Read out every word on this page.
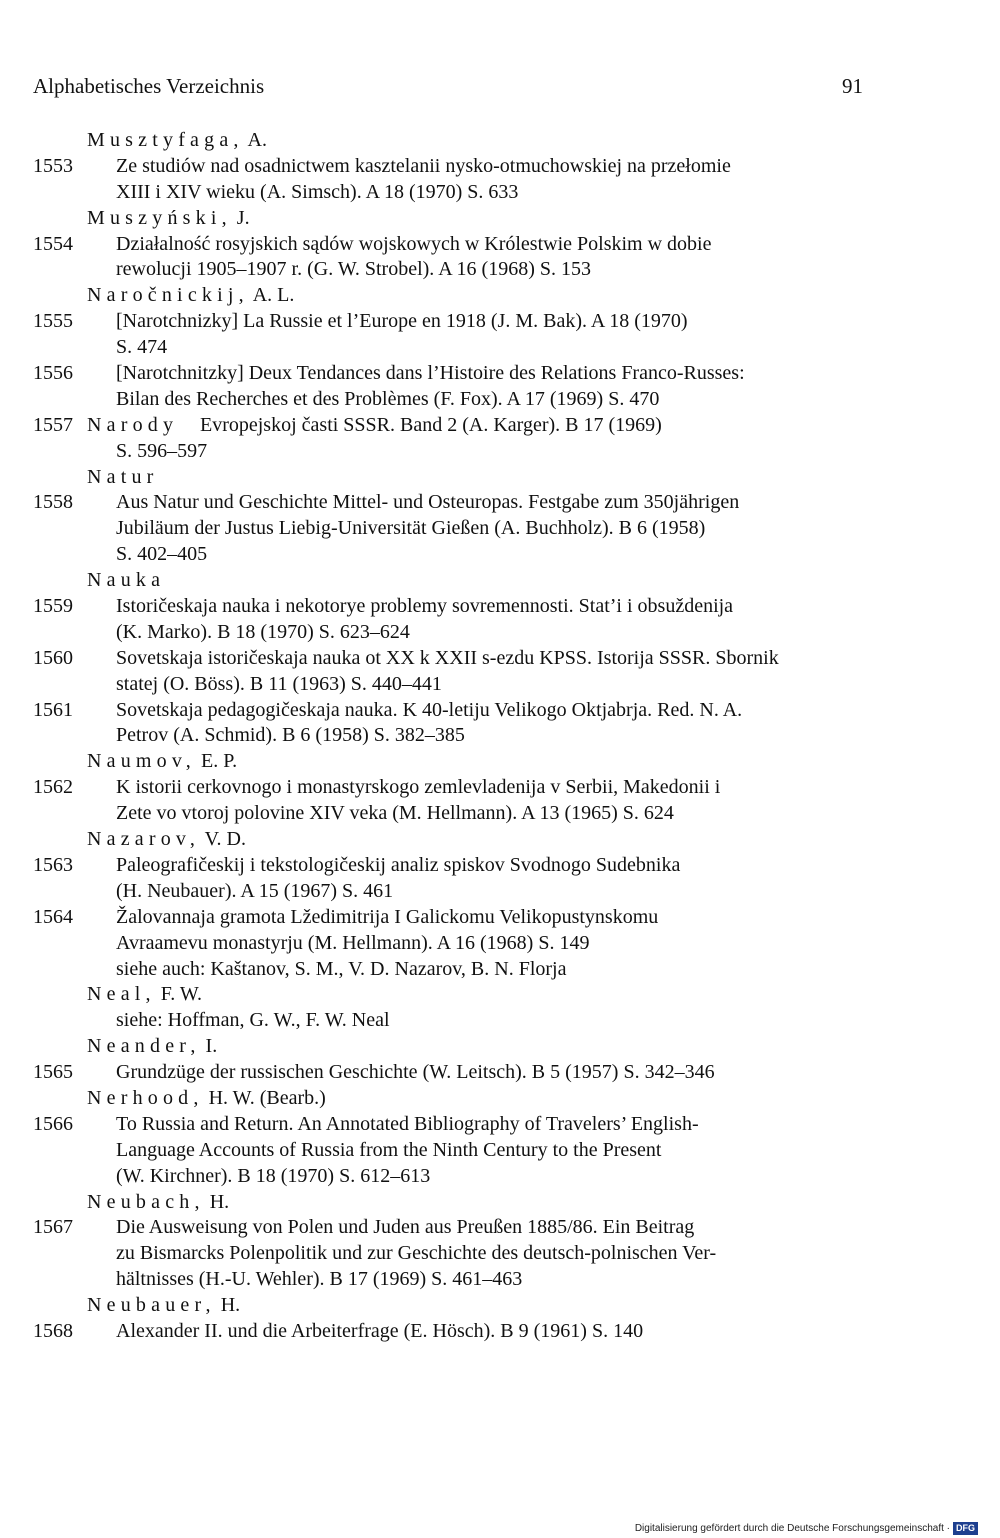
Alphabetisches Verzeichnis	91
Musztyfaga, A.
1553 Ze studiów nad osadnictwem kasztelanii nysko-otmuchowskiej na przełomie
XIII i XIV wieku (A. Simsch). A 18 (1970) S. 633
Muszyński, J.
1554 Działalność rosyjskich sądów wojskowych w Królestwie Polskim w dobie
rewolucji 1905–1907 r. (G. W. Strobel). A 16 (1968) S. 153
Naročnickij, A. L.
1555 [Narotchnizky] La Russie et l’Europe en 1918 (J. M. Bak). A 18 (1970)
S. 474
1556 [Narotchnitzky] Deux Tendances dans l’Histoire des Relations Franco-Russes:
Bilan des Recherches et des Problèmes (F. Fox). A 17 (1969) S. 470
1557 Narody Evropejskoj časti SSSR. Band 2 (A. Karger). B 17 (1969)
S. 596–597
Natur
1558 Aus Natur und Geschichte Mittel- und Osteuropas. Festgabe zum 350jährigen
Jubiläum der Justus Liebig-Universität Gießen (A. Buchholz). B 6 (1958)
S. 402–405
Nauka
1559 Istoričeskaja nauka i nekotorye problemy sovremennosti. Stat’i i obsuždenija
(K. Marko). B 18 (1970) S. 623–624
1560 Sovetskaja istoričeskaja nauka ot XX k XXII s-ezdu KPSS. Istorija SSSR. Sbornik
statej (O. Böss). B 11 (1963) S. 440–441
1561 Sovetskaja pedagogičeskaja nauka. K 40-letiju Velikogo Oktjabrja. Red. N. A.
Petrov (A. Schmid). B 6 (1958) S. 382–385
Naumov, E. P.
1562 K istorii cerkovnogo i monastyrskogo zemlevladenija v Serbii, Makedonii i
Zete vo vtoroj polovine XIV veka (M. Hellmann). A 13 (1965) S. 624
Nazarov, V. D.
1563 Paleografičeskij i tekstologičeskij analiz spiskov Svodnogo Sudebnika
(H. Neubauer). A 15 (1967) S. 461
1564 Žalovannaja gramota Lžedimitrija I Galickomu Velikopustynskomu
Avraamevu monastyrju (M. Hellmann). A 16 (1968) S. 149
siehe auch: Kaštanov, S. M., V. D. Nazarov, B. N. Florja
Neal, F. W.
siehe: Hoffman, G. W., F. W. Neal
Neander, I.
1565 Grundzüge der russischen Geschichte (W. Leitsch). B 5 (1957) S. 342–346
Nerhood, H. W. (Bearb.)
1566 To Russia and Return. An Annotated Bibliography of Travelers’ English-
Language Accounts of Russia from the Ninth Century to the Present
(W. Kirchner). B 18 (1970) S. 612–613
Neubach, H.
1567 Die Ausweisung von Polen und Juden aus Preußen 1885/86. Ein Beitrag
zu Bismarcks Polenpolitik und zur Geschichte des deutsch-polnischen Ver-
hältnisses (H.-U. Wehler). B 17 (1969) S. 461–463
Neubauer, H.
1568 Alexander II. und die Arbeiterfrage (E. Hösch). B 9 (1961) S. 140
Digitalisierung gefördert durch die Deutsche Forschungsgemeinschaft · DFG
